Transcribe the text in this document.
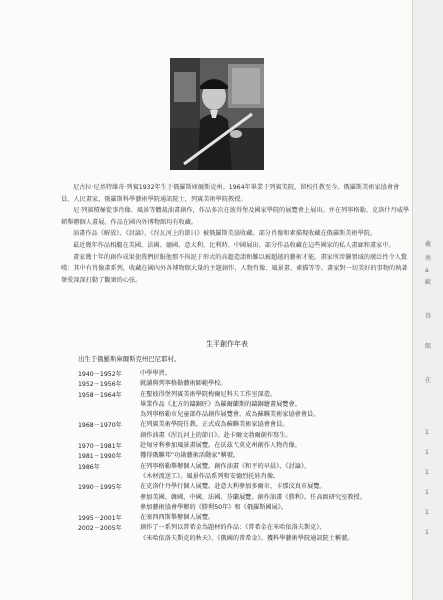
羲
南
a
歐
得
館
在
1
1
1
1
1
1

尼古拉·尼基特維奇·列賓1932年生于俄羅斯庫爾斯克州。1964年畢業于列賓美院，留校任教至今。俄羅斯美術家協會會員，人民畫家，俄羅斯科學藝術學院通訊院士，列賓美術學院教授。

尼·列賓積極從事肖像、風景等體裁油畫創作，作品多次在彼得堡及國家學院的展覽會上展出。并在列寧格勒、克洛什丹威學頓舉辦個人畫展。作品在國內外博物館均有收藏。

油畫作品《解放》、《討論》、《涅瓦河上的節日》被俄羅斯美協收藏。部分肖像和素描現收藏在俄羅斯美術學院。

最近幾年作品相繼在美國、法國、德國、意大利、比利時、中國展出。部分作品收藏在這些國家的私人畫廊和畫家中。

畫家幾十年的創作成果使我們折服他那不拘泥于形式的高超造詣和難以被超越的藝術才能。畫家所涉獵領域的廣泛性令人驚嘆：其中有肖像畫系列，收藏在國內外各博物館大量的主題創作，人物肖像、風景畫、素描等等。畫家對一切美好的事物的執著摯愛深深打動了觀衆的心弦。

生平創作年表
出生于俄羅斯庫爾斯克州巴尼耶村。
1940－1952年	中學學習。
1952－1956年	就讀與列寧格勒藝術師範學校。
1958－1964年	在聖彼得堡列賓美術學院梅爾尼科夫工作室深造。
畢業作品《北方的鑄銅匠》為羅爾蘭斯的鑄銅繪畫展覽會。
為列寧格勒市兒童部作品創作展覽會。成為蘇聯美術家協會會員。
1968－1970年	在列賓美術學院任教。正式成為蘇聯美術家協會會員。
創作油畫《涅瓦河上的節日》。赴卡爾文勃爾創作寫生。
1970－1981年	赴匈牙利參加風景畫展覽。在沃茲弋莫克州創作人物肖像。
1981－1990年	獲得俄聯邦“功勛藝術活動家”稱號。
1986年	在列寧格勒舉辦個人展覽。創作油畫《和平的早晨》、《討論》、
《木材流送工》。風景作品系列和安德烈托娃肖像。
1990－1995年	在克洛什丹學行個人展覽。赴意大利參加多爾市、卡那汶真市展覽。
參加美國、韓國、中國、法國、芬蘭展覽。創作油畫《勝利》。任高級研究室教授。
參加藝術協會學辦的《勝利50年》和《俄羅斯國展》。
1995－2001年	在塞西西斯舉辦個人展覽。
2002－2005年	創作了一系列以普希金為題材的作品：《普希金在米哈依洛夫斯克》、
《米哈依洛夫斯克的秋天》、《俄國的普希金》。獲科學藝術學院通訊院士稱號。
